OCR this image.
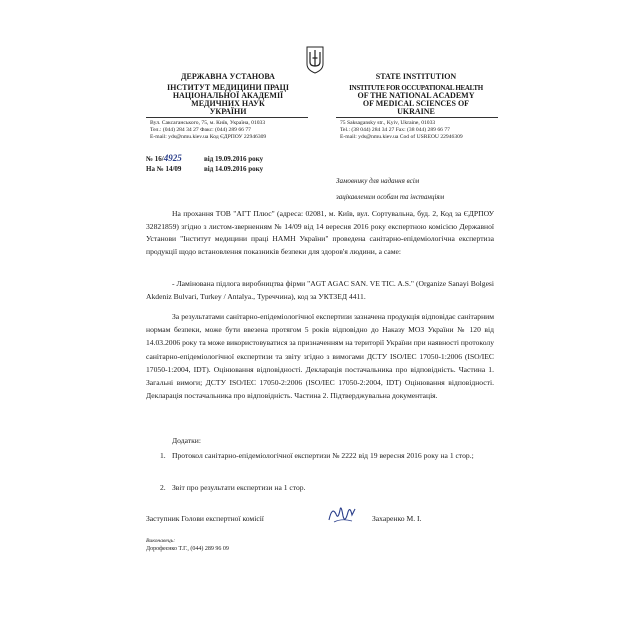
ДЕРЖАВНА УСТАНОВА
ІНСТИТУТ МЕДИЦИНИ ПРАЦІ
НАЦІОНАЛЬНОЇ АКАДЕМІЇ
МЕДИЧНИХ НАУК
УКРАЇНИ
Вул. Саксаганського, 75, м. Київ, Україна, 01033
Тел.: (044) 284 34 27 Факс: (044) 289 66 77
E-mail: yds@nmu.kiev.ua Код ЄДРПОУ 22946309
STATE INSTITUTION
INSTITUTE FOR OCCUPATIONAL HEALTH
OF THE NATIONAL ACADEMY
OF MEDICAL SCIENCES OF
UKRAINE
75 Saksagansky str., Kyiv, Ukraine, 01033
Tel.: (38 044) 284 34 27 Fax: (38 044) 289 66 77
E-mail: yds@nmu.kiev.ua Cod of USREOU 22946309
№ 16/4925	від 19.09.2016 року
На № 14/09	від 14.09.2016 року
Замовнику для надання всім
зацікавленим особам та інстанціям
На прохання ТОВ "АГТ Плюс" (адреса: 02081, м. Київ, вул. Сортувальна, буд. 2, Код за ЄДРПОУ 32821859) згідно з листом-зверненням № 14/09 від 14 вересня 2016 року експертною комісією Державної Установи "Інститут медицини праці НАМН України" проведена санітарно-епідеміологічна експертиза продукції щодо встановлення показників безпеки для здоров'я людини, а саме:
- Ламінована підлога виробництва фірми "AGT AGAC SAN. VE TIC. A.S." (Organize Sanayi Bolgesi Akdeniz Bulvari, Turkey / Antalya., Туреччина), код за УКТЗЕД 4411.
За результатами санітарно-епідеміологічної експертизи зазначена продукція відповідає санітарним нормам безпеки, може бути ввезена протягом 5 років відповідно до Наказу МОЗ України № 120 від 14.03.2006 року та може використовуватися за призначенням на території України при наявності протоколу санітарно-епідеміологічної експертизи та звіту згідно з вимогами ДСТУ ISO/IEC 17050-1:2006 (ISO/IEC 17050-1:2004, IDT). Оцінювання відповідності. Декларація постачальника про відповідність. Частина 1. Загальні вимоги; ДСТУ ISO/IEC 17050-2:2006 (ISO/IEC 17050-2:2004, IDT) Оцінювання відповідності. Декларація постачальника про відповідність. Частина 2. Підтверджувальна документація.
Додатки:
1. Протокол санітарно-епідеміологічної експертизи № 2222 від 19 вересня 2016 року на 1 стор.;
2. Звіт про результати експертизи на 1 стор.
Заступник Голови експертної комісії	Захаренко М. І.
Виконавець:
Дорофеєнко Т.Г., (044) 289 96 09
